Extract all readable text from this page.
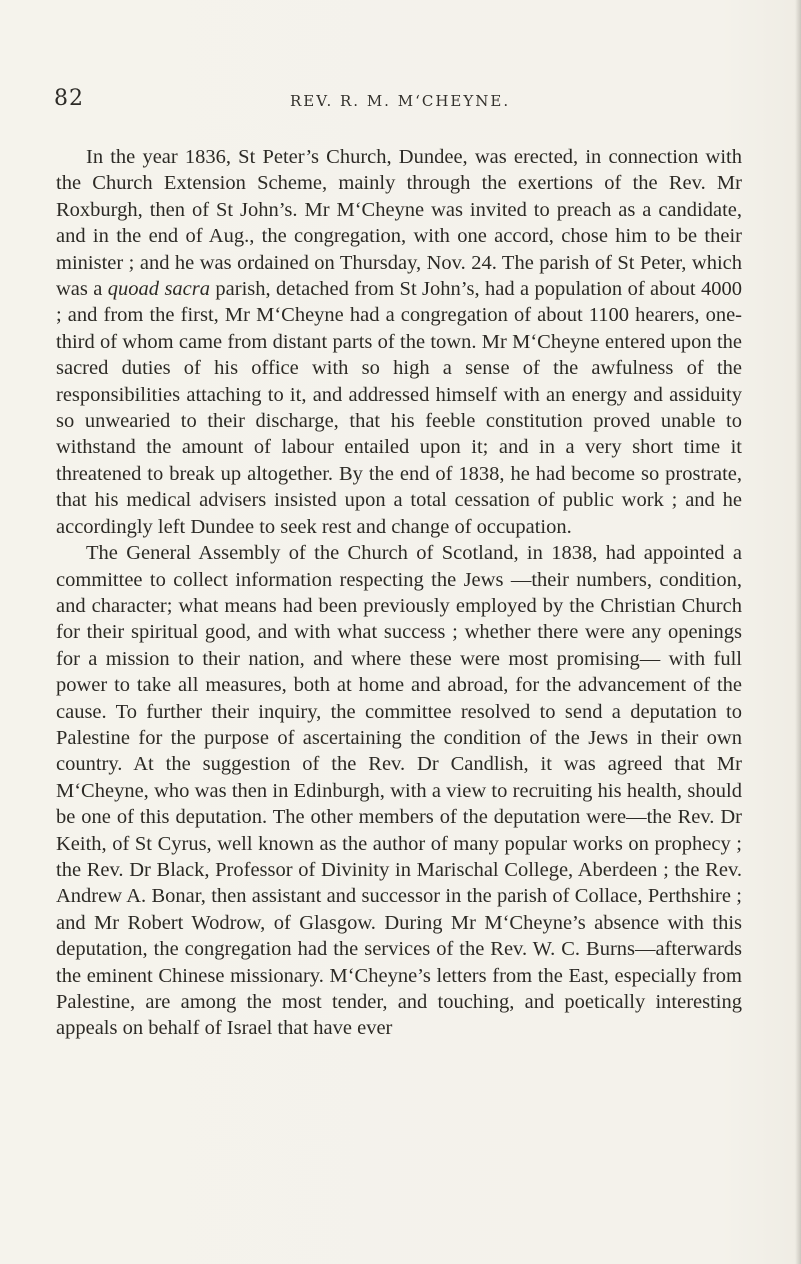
82	REV. R. M. M‘CHEYNE.

In the year 1836, St Peter’s Church, Dundee, was erected, in connection with the Church Extension Scheme, mainly through the exertions of the Rev. Mr Roxburgh, then of St John’s. Mr M‘Cheyne was invited to preach as a candidate, and in the end of Aug., the congregation, with one accord, chose him to be their minister ; and he was ordained on Thursday, Nov. 24. The parish of St Peter, which was a quoad sacra parish, detached from St John’s, had a population of about 4000 ; and from the first, Mr M‘Cheyne had a congregation of about 1100 hearers, one-third of whom came from distant parts of the town. Mr M‘Cheyne entered upon the sacred duties of his office with so high a sense of the awfulness of the responsibilities attaching to it, and addressed himself with an energy and assiduity so unwearied to their discharge, that his feeble constitution proved unable to withstand the amount of labour entailed upon it; and in a very short time it threatened to break up altogether. By the end of 1838, he had become so prostrate, that his medical advisers insisted upon a total cessation of public work ; and he accordingly left Dundee to seek rest and change of occupation.

The General Assembly of the Church of Scotland, in 1838, had appointed a committee to collect information respecting the Jews —their numbers, condition, and character; what means had been previously employed by the Christian Church for their spiritual good, and with what success ; whether there were any openings for a mission to their nation, and where these were most promising— with full power to take all measures, both at home and abroad, for the advancement of the cause. To further their inquiry, the committee resolved to send a deputation to Palestine for the purpose of ascertaining the condition of the Jews in their own country. At the suggestion of the Rev. Dr Candlish, it was agreed that Mr M‘Cheyne, who was then in Edinburgh, with a view to recruiting his health, should be one of this deputation. The other members of the deputation were—the Rev. Dr Keith, of St Cyrus, well known as the author of many popular works on prophecy ; the Rev. Dr Black, Professor of Divinity in Marischal College, Aberdeen ; the Rev. Andrew A. Bonar, then assistant and successor in the parish of Collace, Perthshire ; and Mr Robert Wodrow, of Glasgow. During Mr M‘Cheyne’s absence with this deputation, the congregation had the services of the Rev. W. C. Burns—afterwards the eminent Chinese missionary. M‘Cheyne’s letters from the East, especially from Palestine, are among the most tender, and touching, and poetically interesting appeals on behalf of Israel that have ever
